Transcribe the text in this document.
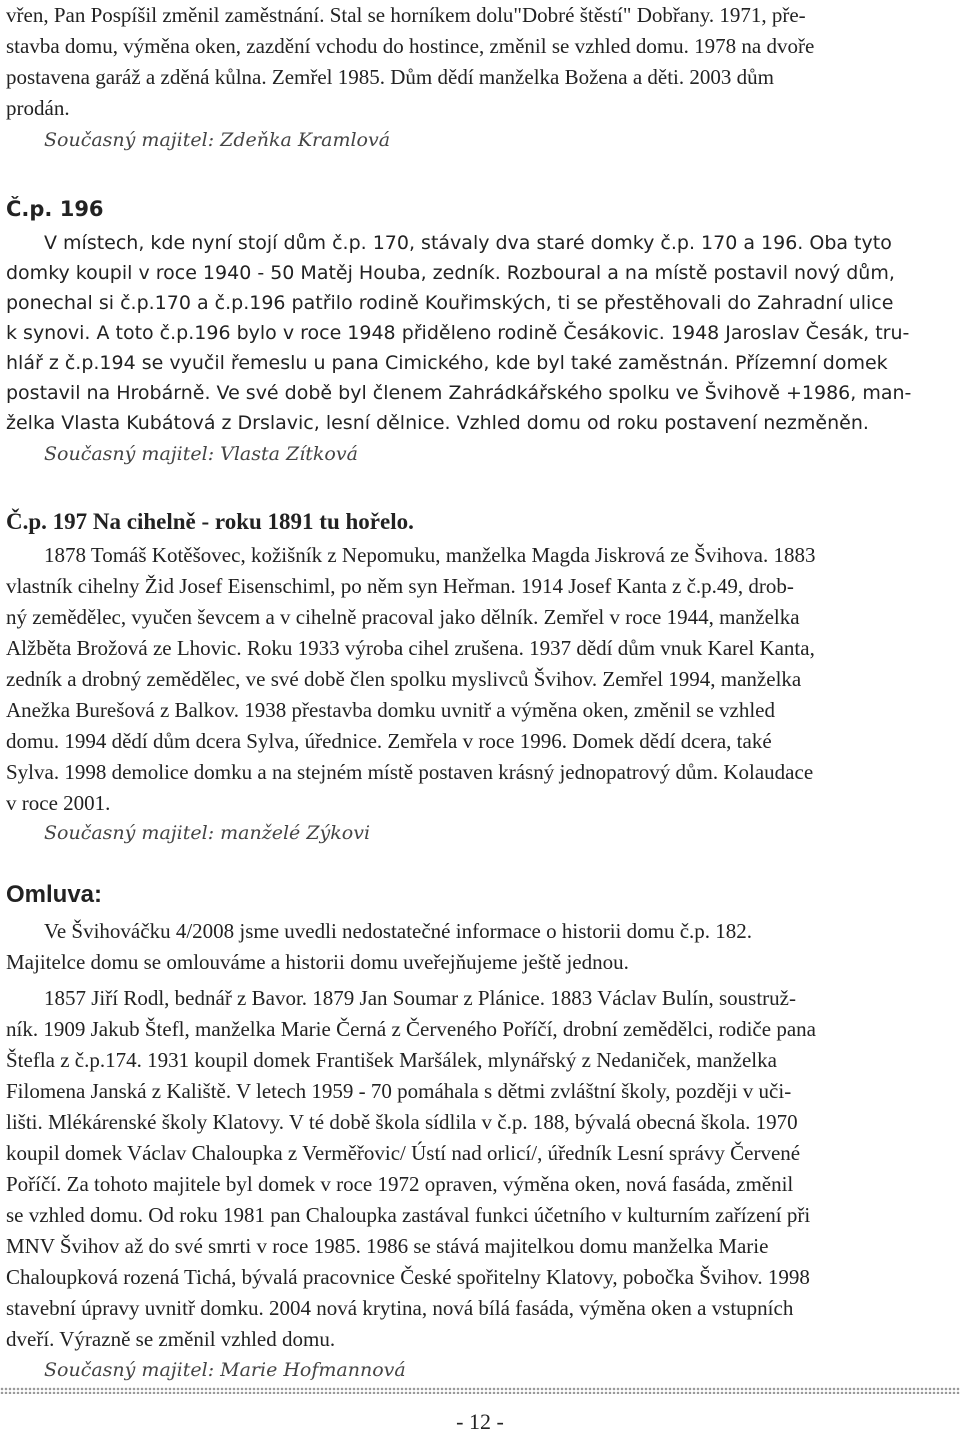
vřen, Pan Pospíšil změnil zaměstnání. Stal se horníkem dolu"Dobré štěstí" Dobřany. 1971, pře-
stavba domu, výměna oken, zazdění vchodu do hostince, změnil se vzhled domu. 1978 na dvoře
postavena garáž a zděná kůlna. Zemřel 1985. Dům dědí manželka Božena a děti. 2003 dům
prodán.
Současný majitel: Zdeňka Kramlová
Č.p. 196
V místech, kde nyní stojí dům č.p. 170, stávaly dva staré domky č.p. 170 a 196. Oba tyto
domky koupil v roce 1940 - 50 Matěj Houba, zedník. Rozboural a na místě postavil nový dům,
ponechal si č.p.170 a č.p.196 patřilo rodině Kouřimských, ti se přestěhovali do Zahradní ulice
k synovi. A toto č.p.196 bylo v roce 1948 přiděleno rodině Česákovic. 1948 Jaroslav Česák, tru-
hlář z č.p.194 se vyučil řemeslu u pana Cimického, kde byl také zaměstnán. Přízemní domek
postavil na Hrobárně. Ve své době byl členem Zahrádkářského spolku ve Švihově +1986, man-
želka Vlasta Kubátová z Drslavic, lesní dělnice. Vzhled domu od roku postavení nezměněn.
Současný majitel: Vlasta Zítková
Č.p. 197 Na cihelně - roku 1891 tu hořelo.
1878 Tomáš Kotěšovec, kožišník z Nepomuku, manželka Magda Jiskrová ze Švihova. 1883
vlastník cihelny Žid Josef Eisenschiml, po něm syn Heřman. 1914 Josef Kanta z č.p.49, drob-
ný zemědělec, vyučen ševcem a v cihelně pracoval jako dělník. Zemřel v roce 1944, manželka
Alžběta Brožová ze Lhovic. Roku 1933 výroba cihel zrušena. 1937 dědí dům vnuk Karel Kanta,
zedník a drobný zemědělec, ve své době člen spolku myslivců Švihov. Zemřel 1994, manželka
Anežka Burešová z Balkov. 1938 přestavba domku uvnitř a výměna oken, změnil se vzhled
domu. 1994 dědí dům dcera Sylva, úřednice. Zemřela v roce 1996. Domek dědí dcera, také
Sylva. 1998 demolice domku a na stejném místě postaven krásný jednopatrový dům. Kolaudace
v roce 2001.
Současný majitel: manželé Zýkovi
Omluva:
Ve Švihováčku 4/2008 jsme uvedli nedostatečné informace o historii domu č.p. 182.
Majitelce domu se omlouváme a historii domu uveřejňujeme ještě jednou.
1857 Jiří Rodl, bednář z Bavor. 1879 Jan Soumar z Plánice. 1883 Václav Bulín, soustruž-
ník. 1909 Jakub Štefl, manželka Marie Černá z Červeného Poříčí, drobní zemědělci, rodiče pana
Štefla z č.p.174. 1931 koupil domek František Maršálek, mlynářský z Nedaniček, manželka
Filomena Janská z Kaliště. V letech 1959 - 70 pomáhala s dětmi zvláštní školy, později v uči-
lišti. Mlékárenské školy Klatovy. V té době škola sídlila v č.p. 188, bývalá obecná škola. 1970
koupil domek Václav Chaloupka z Verměřovic/ Ústí nad orlicí/, úředník Lesní správy Červené
Poříčí. Za tohoto majitele byl domek v roce 1972 opraven, výměna oken, nová fasáda, změnil
se vzhled domu. Od roku 1981 pan Chaloupka zastával funkci účetního v kulturním zařízení při
MNV Švihov až do své smrti v roce 1985. 1986 se stává majitelkou domu manželka Marie
Chaloupková rozená Tichá, bývalá pracovnice České spořitelny Klatovy, pobočka Švihov. 1998
stavební úpravy uvnitř domku. 2004 nová krytina, nová bílá fasáda, výměna oken a vstupních
dveří. Výrazně se změnil vzhled domu.
Současný majitel: Marie Hofmannová
- 12 -
